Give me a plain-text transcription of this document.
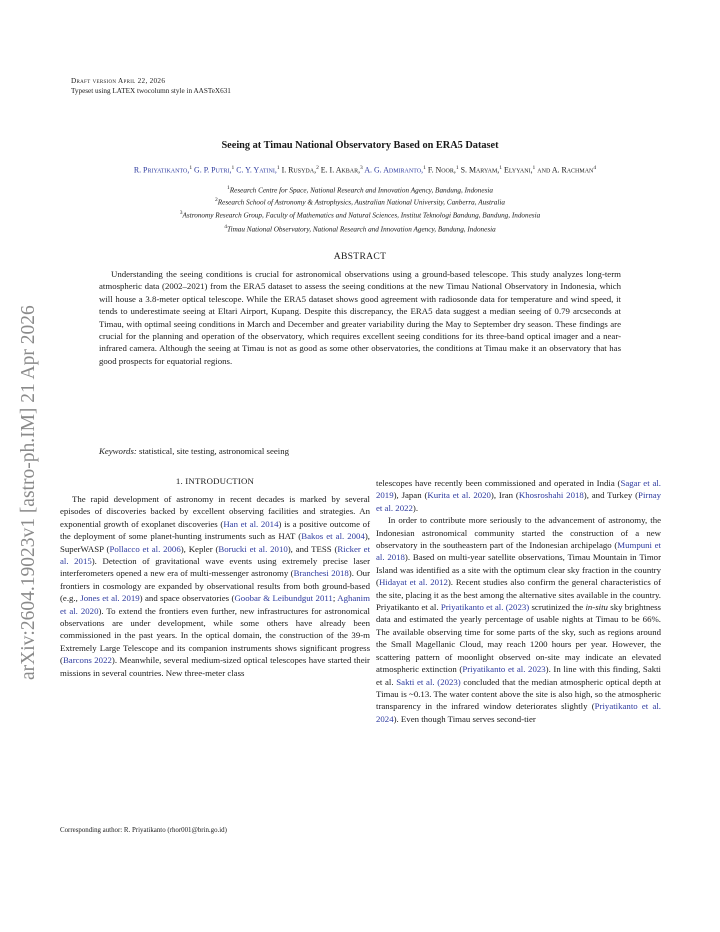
arXiv:2604.19023v1 [astro-ph.IM] 21 Apr 2026
Draft version April 22, 2026
Typeset using LATEX twocolumn style in AASTeX631
Seeing at Timau National Observatory Based on ERA5 Dataset
R. Priyatikanto,$^1$ G. P. Putri,$^1$ C. Y. Yatini,$^1$ I. Rusyda,$^2$ E. I. Akbar,$^3$ A. G. Admiranto,$^1$ F. Noor,$^1$ S. Maryam,$^1$ Elyyani,$^1$ and A. Rachman$^4$
$^1$Research Centre for Space, National Research and Innovation Agency, Bandung, Indonesia
$^2$Research School of Astronomy & Astrophysics, Australian National University, Canberra, Australia
$^3$Astronomy Research Group, Faculty of Mathematics and Natural Sciences, Institut Teknologi Bandung, Bandung, Indonesia
$^4$Timau National Observatory, National Research and Innovation Agency, Bandung, Indonesia
ABSTRACT
Understanding the seeing conditions is crucial for astronomical observations using a ground-based telescope. This study analyzes long-term atmospheric data (2002–2021) from the ERA5 dataset to assess the seeing conditions at the new Timau National Observatory in Indonesia, which will house a 3.8-meter optical telescope. While the ERA5 dataset shows good agreement with radiosonde data for temperature and wind speed, it tends to underestimate seeing at Eltari Airport, Kupang. Despite this discrepancy, the ERA5 data suggest a median seeing of 0.79 arcseconds at Timau, with optimal seeing conditions in March and December and greater variability during the May to September dry season. These findings are crucial for the planning and operation of the observatory, which requires excellent seeing conditions for its three-band optical imager and a near-infrared camera. Although the seeing at Timau is not as good as some other observatories, the conditions at Timau make it an observatory that has good prospects for equatorial regions.
Keywords: statistical, site testing, astronomical seeing
1. INTRODUCTION
The rapid development of astronomy in recent decades is marked by several episodes of discoveries backed by excellent observing facilities and strategies. An exponential growth of exoplanet discoveries (Han et al. 2014) is a positive outcome of the deployment of some planet-hunting instruments such as HAT (Bakos et al. 2004), SuperWASP (Pollacco et al. 2006), Kepler (Borucki et al. 2010), and TESS (Ricker et al. 2015). Detection of gravitational wave events using extremely precise laser interferometers opened a new era of multi-messenger astronomy (Branchesi 2018). Our frontiers in cosmology are expanded by observational results from both ground-based (e.g., Jones et al. 2019) and space observatories (Goobar & Leibundgut 2011; Aghanim et al. 2020). To extend the frontiers even further, new infrastructures for astronomical observations are under development, while some others have already been commissioned in the past years. In the optical domain, the construction of the 39-m Extremely Large Telescope and its companion instruments shows significant progress (Barcons 2022). Meanwhile, several medium-sized optical telescopes have started their missions in several countries. New three-meter class

telescopes have recently been commissioned and operated in India (Sagar et al. 2019), Japan (Kurita et al. 2020), Iran (Khosroshahi 2018), and Turkey (Pirnay et al. 2022).

In order to contribute more seriously to the advancement of astronomy, the Indonesian astronomical community started the construction of a new observatory in the southeastern part of the Indonesian archipelago (Mumpuni et al. 2018). Based on multi-year satellite observations, Timau Mountain in Timor Island was identified as a site with the optimum clear sky fraction in the country (Hidayat et al. 2012). Recent studies also confirm the general characteristics of the site, placing it as the best among the alternative sites available in the country. Priyatikanto et al. Priyatikanto et al. (2023) scrutinized the in-situ sky brightness data and estimated the yearly percentage of usable nights at Timau to be 66%. The available observing time for some parts of the sky, such as regions around the Small Magellanic Cloud, may reach 1200 hours per year. However, the scattering pattern of moonlight observed on-site may indicate an elevated atmospheric extinction (Priyatikanto et al. 2023). In line with this finding, Sakti et al. Sakti et al. (2023) concluded that the median atmospheric optical depth at Timau is ~0.13. The water content above the site is also high, so the atmospheric transparency in the infrared window deteriorates slightly (Priyatikanto et al. 2024). Even though Timau serves second-tier

Corresponding author: R. Priyatikanto (rhor001@brin.go.id)
